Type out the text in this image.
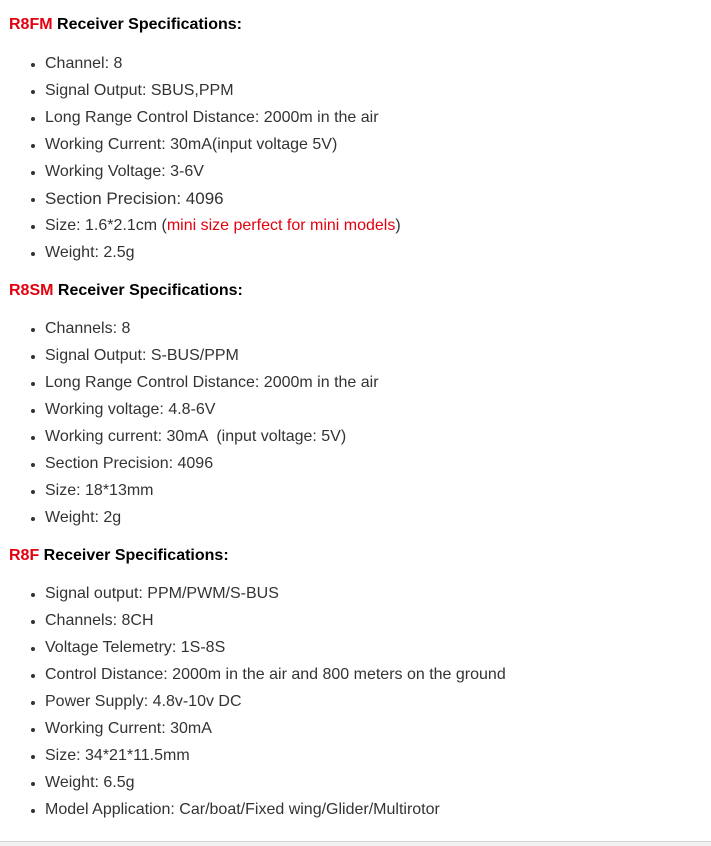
R8FM Receiver Specifications:
Channel: 8
Signal Output: SBUS,PPM
Long Range Control Distance: 2000m in the air
Working Current: 30mA(input voltage 5V)
Working Voltage: 3-6V
Section Precision: 4096
Size: 1.6*2.1cm (mini size perfect for mini models)
Weight: 2.5g
R8SM Receiver Specifications:
Channels: 8
Signal Output: S-BUS/PPM
Long Range Control Distance: 2000m in the air
Working voltage: 4.8-6V
Working current: 30mA  (input voltage: 5V)
Section Precision: 4096
Size: 18*13mm
Weight: 2g
R8F Receiver Specifications:
Signal output: PPM/PWM/S-BUS
Channels: 8CH
Voltage Telemetry: 1S-8S
Control Distance: 2000m in the air and 800 meters on the ground
Power Supply: 4.8v-10v DC
Working Current: 30mA
Size: 34*21*11.5mm
Weight: 6.5g
Model Application: Car/boat/Fixed wing/Glider/Multirotor
